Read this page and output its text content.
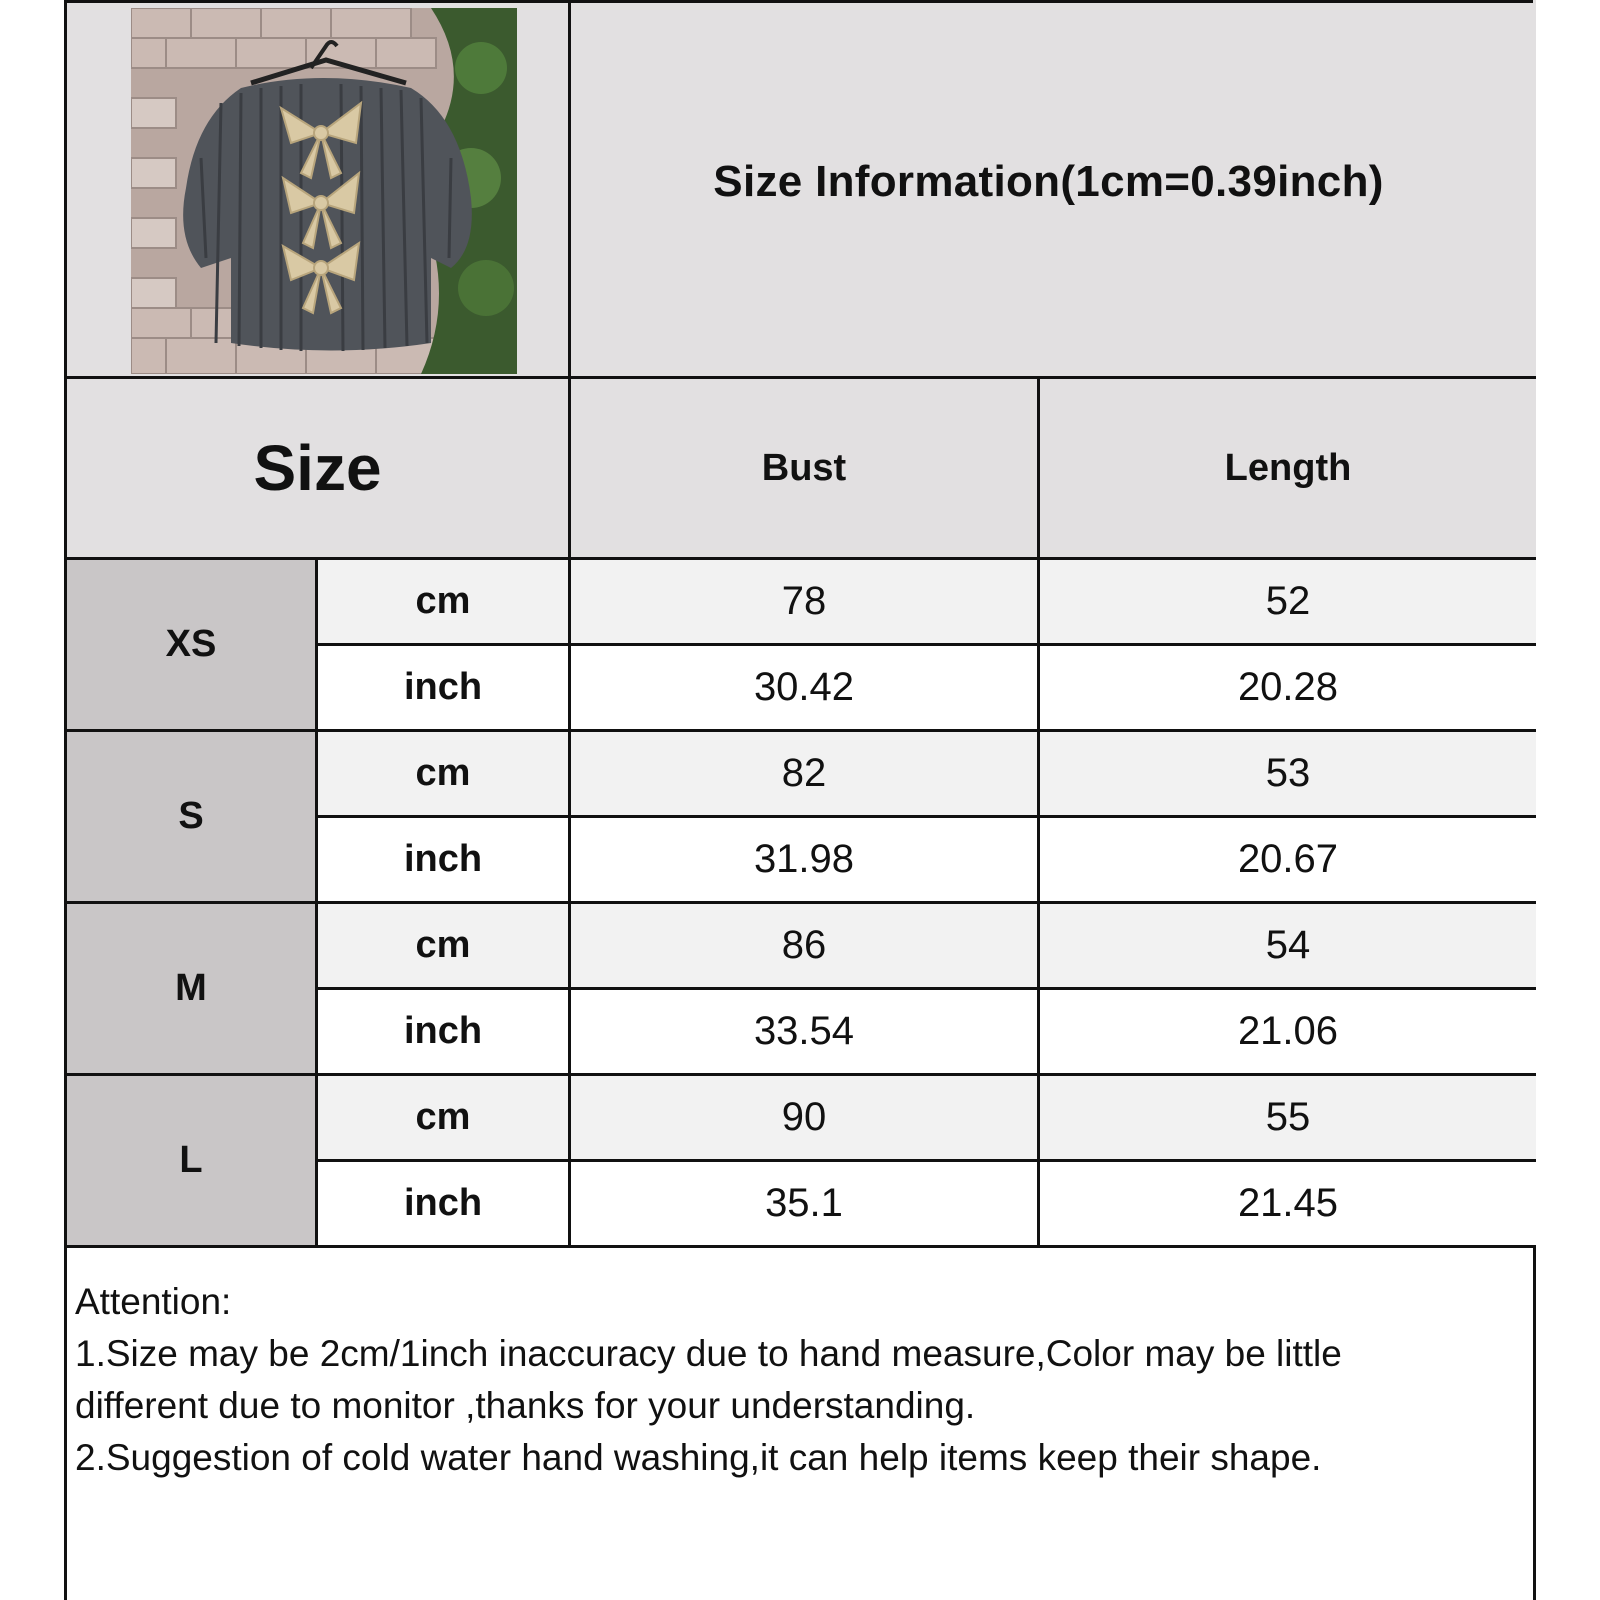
Size Information(1cm=0.39inch)
Size	Bust	Length
XS
cm	78	52
inch	30.42	20.28
S
cm	82	53
inch	31.98	20.67
M
cm	86	54
inch	33.54	21.06
L
cm	90	55
inch	35.1	21.45
Attention:
1.Size may be 2cm/1inch inaccuracy due to hand measure,Color may be little
different due to monitor ,thanks for your understanding.
2.Suggestion of cold water hand washing,it can help items keep their shape.
